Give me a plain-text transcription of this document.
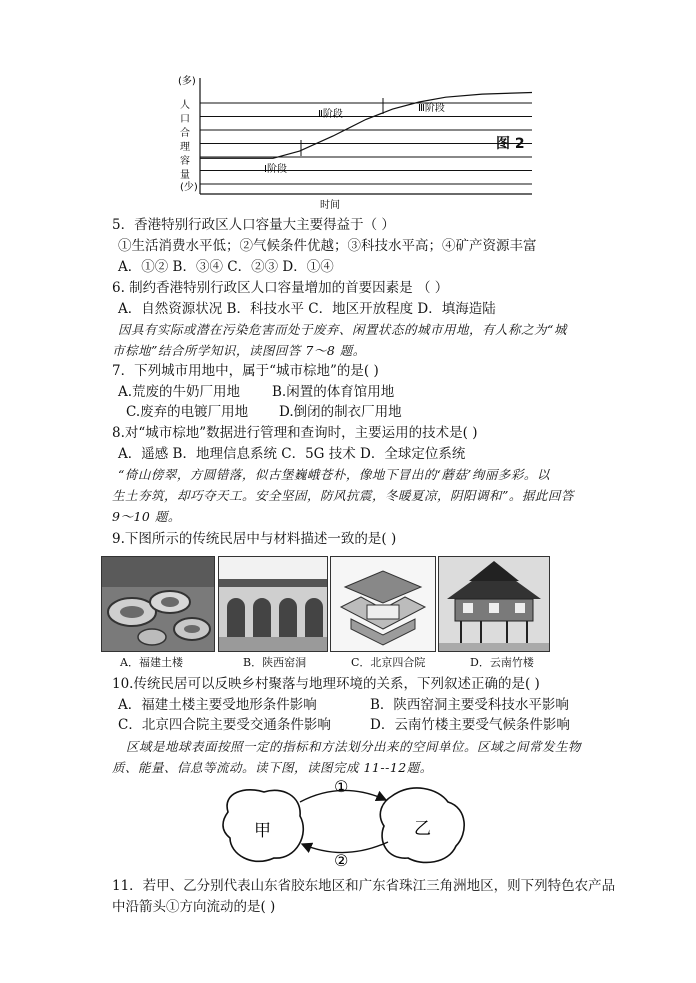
(多)
(少)
人
口
合
理
容
量
Ⅰ阶段
Ⅱ阶段
Ⅲ阶段
时间
图 2
5．香港特别行政区人口容量大主要得益于（ ）
①生活消费水平低；②气候条件优越；③科技水平高；④矿产资源丰富
A．①② B．③④ C．②③ D．①④
6. 制约香港特别行政区人口容量增加的首要因素是 （ ）
A．自然资源状况 B．科技水平 C．地区开放程度 D．填海造陆
因具有实际或潜在污染危害而处于废弃、闲置状态的城市用地，有人称之为“城
市棕地”结合所学知识，读图回答 7～8 题。
7．下列城市用地中，属于“城市棕地”的是( )
A.荒废的牛奶厂用地 B.闲置的体育馆用地
C.废弃的电镀厂用地 D.倒闭的制衣厂用地
8.对“城市棕地”数据进行管理和查询时，主要运用的技术是( )
A．遥感 B．地理信息系统 C．5G 技术 D．全球定位系统
“倚山傍翠，方圆错落，似古堡巍峨苍朴，像地下冒出的‘蘑菇’绚丽多彩。以
生土夯筑，却巧夺天工。安全坚固，防风抗震，冬暖夏凉，阴阳调和”。据此回答
9～10 题。
9.下图所示的传统民居中与材料描述一致的是( )
A．福建土楼	B．陕西窑洞	C．北京四合院	D．云南竹楼
10.传统民居可以反映乡村聚落与地理环境的关系，下列叙述正确的是( )
A．福建土楼主要受地形条件影响	B．陕西窑洞主要受科技水平影响
C．北京四合院主要受交通条件影响	D．云南竹楼主要受气候条件影响
区域是地球表面按照一定的指标和方法划分出来的空间单位。区域之间常发生物
质、能量、信息等流动。读下图，读图完成 11--12题。
①
②
甲	乙
11．若甲、乙分别代表山东省胶东地区和广东省珠江三角洲地区，则下列特色农产品
中沿箭头①方向流动的是( )
